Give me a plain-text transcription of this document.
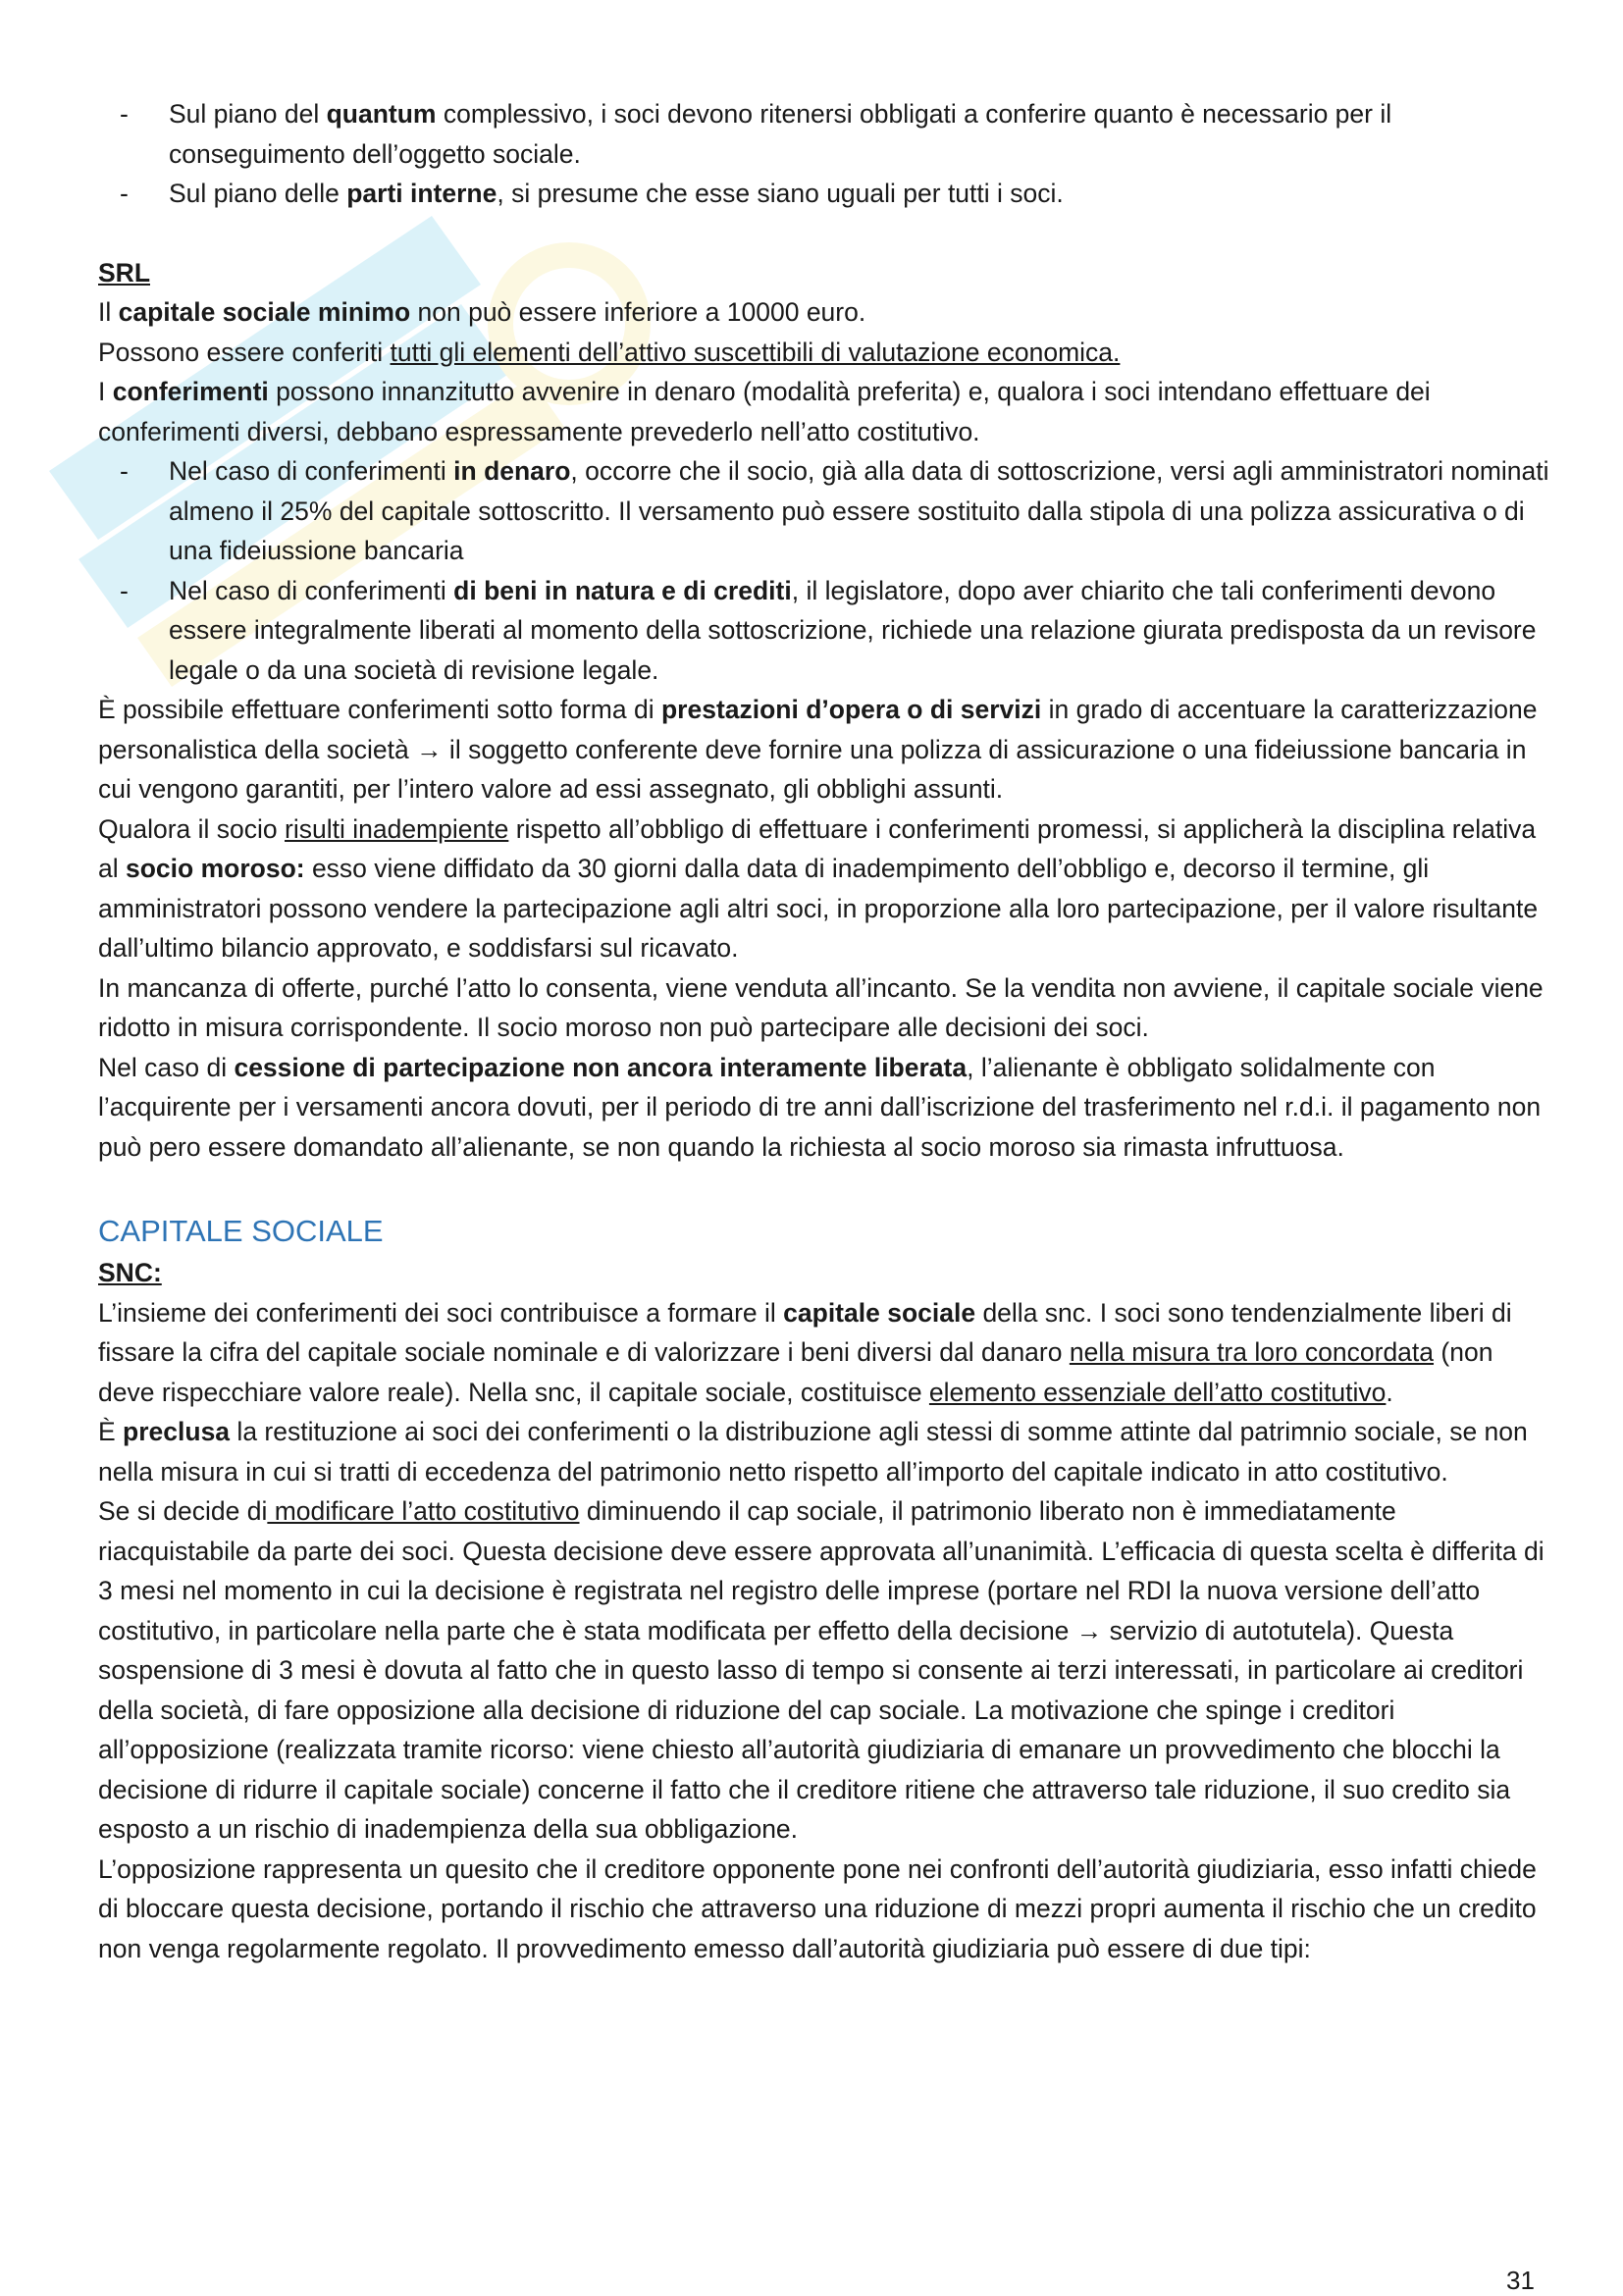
- Sul piano del quantum complessivo, i soci devono ritenersi obbligati a conferire quanto è necessario per il conseguimento dell’oggetto sociale.

- Sul piano delle parti interne, si presume che esse siano uguali per tutti i soci.

SRL

Il capitale sociale minimo non può essere inferiore a 10000 euro.

Possono essere conferiti tutti gli elementi dell’attivo suscettibili di valutazione economica.

I conferimenti possono innanzitutto avvenire in denaro (modalità preferita) e, qualora i soci intendano effettuare dei conferimenti diversi, debbano espressamente prevederlo nell’atto costitutivo.

- Nel caso di conferimenti in denaro, occorre che il socio, già alla data di sottoscrizione, versi agli amministratori nominati almeno il 25% del capitale sottoscritto. Il versamento può essere sostituito dalla stipola di una polizza assicurativa o di una fideiussione bancaria

- Nel caso di conferimenti di beni in natura e di crediti, il legislatore, dopo aver chiarito che tali conferimenti devono essere integralmente liberati al momento della sottoscrizione, richiede una relazione giurata predisposta da un revisore legale o da una società di revisione legale.

È possibile effettuare conferimenti sotto forma di prestazioni d’opera o di servizi in grado di accentuare la caratterizzazione personalistica della società → il soggetto conferente deve fornire una polizza di assicurazione o una fideiussione bancaria in cui vengono garantiti, per l’intero valore ad essi assegnato, gli obblighi assunti.

Qualora il socio risulti inadempiente rispetto all’obbligo di effettuare i conferimenti promessi, si applicherà la disciplina relativa al socio moroso: esso viene diffidato da 30 giorni dalla data di inadempimento dell’obbligo e, decorso il termine, gli amministratori possono vendere la partecipazione agli altri soci, in proporzione alla loro partecipazione, per il valore risultante dall’ultimo bilancio approvato, e soddisfarsi sul ricavato.

In mancanza di offerte, purché l’atto lo consenta, viene venduta all’incanto. Se la vendita non avviene, il capitale sociale viene ridotto in misura corrispondente. Il socio moroso non può partecipare alle decisioni dei soci.

Nel caso di cessione di partecipazione non ancora interamente liberata, l’alienante è obbligato solidalmente con l’acquirente per i versamenti ancora dovuti, per il periodo di tre anni dall’iscrizione del trasferimento nel r.d.i. il pagamento non può pero essere domandato all’alienante, se non quando la richiesta al socio moroso sia rimasta infruttuosa.

CAPITALE SOCIALE

SNC:

L’insieme dei conferimenti dei soci contribuisce a formare il capitale sociale della snc. I soci sono tendenzialmente liberi di fissare la cifra del capitale sociale nominale e di valorizzare i beni diversi dal danaro nella misura tra loro concordata (non deve rispecchiare valore reale). Nella snc, il capitale sociale, costituisce elemento essenziale dell’atto costitutivo.

È preclusa la restituzione ai soci dei conferimenti o la distribuzione agli stessi di somme attinte dal patrimnio sociale, se non nella misura in cui si tratti di eccedenza del patrimonio netto rispetto all’importo del capitale indicato in atto costitutivo.

Se si decide di modificare l’atto costitutivo diminuendo il cap sociale, il patrimonio liberato non è immediatamente riacquistabile da parte dei soci. Questa decisione deve essere approvata all’unanimità. L’efficacia di questa scelta è differita di 3 mesi nel momento in cui la decisione è registrata nel registro delle imprese (portare nel RDI la nuova versione dell’atto costitutivo, in particolare nella parte che è stata modificata per effetto della decisione → servizio di autotutela). Questa sospensione di 3 mesi è dovuta al fatto che in questo lasso di tempo si consente ai terzi interessati, in particolare ai creditori della società, di fare opposizione alla decisione di riduzione del cap sociale. La motivazione che spinge i creditori all’opposizione (realizzata tramite ricorso: viene chiesto all’autorità giudiziaria di emanare un provvedimento che blocchi la decisione di ridurre il capitale sociale) concerne il fatto che il creditore ritiene che attraverso tale riduzione, il suo credito sia esposto a un rischio di inadempienza della sua obbligazione.

L’opposizione rappresenta un quesito che il creditore opponente pone nei confronti dell’autorità giudiziaria, esso infatti chiede di bloccare questa decisione, portando il rischio che attraverso una riduzione di mezzi propri aumenta il rischio che un credito non venga regolarmente regolato. Il provvedimento emesso dall’autorità giudiziaria può essere di due tipi:

31
